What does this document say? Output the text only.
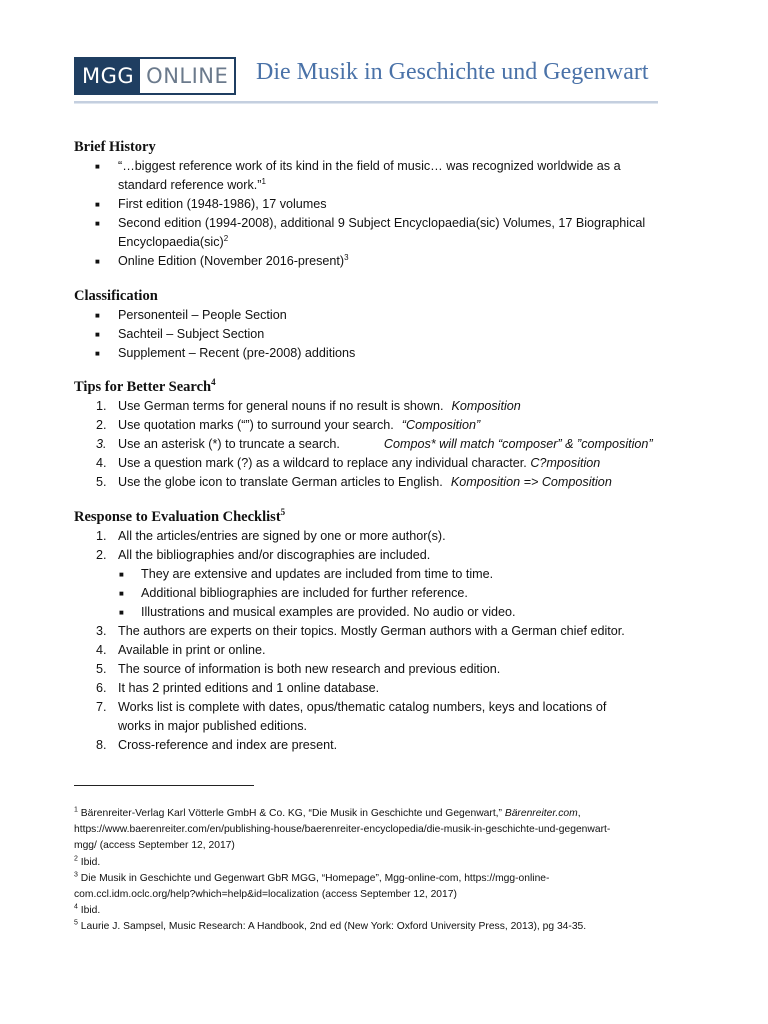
MGG ONLINE Die Musik in Geschichte und Gegenwart
Brief History
■ “…biggest reference work of its kind in the field of music… was recognized worldwide as a
standard reference work.”$^1$
■ First edition (1948-1986), 17 volumes
■ Second edition (1994-2008), additional 9 Subject Encyclopaedia(sic) Volumes, 17 Biographical
Encyclopaedia(sic)$^2$
■ Online Edition (November 2016-present)$^3$
Classification
■ Personenteil – People Section
■ Sachteil – Subject Section
■ Supplement – Recent (pre-2008) additions
Tips for Better Search$^4$
1. Use German terms for general nouns if no result is shown. Komposition
2. Use quotation marks (“”) to surround your search. “Composition”
3. Use an asterisk (*) to truncate a search.	Compos* will match “composer” & ”composition”
4. Use a question mark (?) as a wildcard to replace any individual character. C?mposition
5. Use the globe icon to translate German articles to English. Komposition => Composition
Response to Evaluation Checklist$^5$
1. All the articles/entries are signed by one or more author(s).
2. All the bibliographies and/or discographies are included.
■ They are extensive and updates are included from time to time.
■ Additional bibliographies are included for further reference.
■ Illustrations and musical examples are provided. No audio or video.
3. The authors are experts on their topics. Mostly German authors with a German chief editor.
4. Available in print or online.
5. The source of information is both new research and previous edition.
6. It has 2 printed editions and 1 online database.
7. Works list is complete with dates, opus/thematic catalog numbers, keys and locations of
works in major published editions.
8. Cross-reference and index are present.
$^1$ Bärenreiter-Verlag Karl Vötterle GmbH & Co. KG, “Die Musik in Geschichte und Gegenwart,” Bärenreiter.com,
https://www.baerenreiter.com/en/publishing-house/baerenreiter-encyclopedia/die-musik-in-geschichte-und-gegenwart-
mgg/ (access September 12, 2017)
$^2$ Ibid.
$^3$ Die Musik in Geschichte und Gegenwart GbR MGG, “Homepage”, Mgg-online-com, https://mgg-online-
com.ccl.idm.oclc.org/help?which=help&id=localization (access September 12, 2017)
$^4$ Ibid.
$^5$ Laurie J. Sampsel, Music Research: A Handbook, 2nd ed (New York: Oxford University Press, 2013), pg 34-35.
